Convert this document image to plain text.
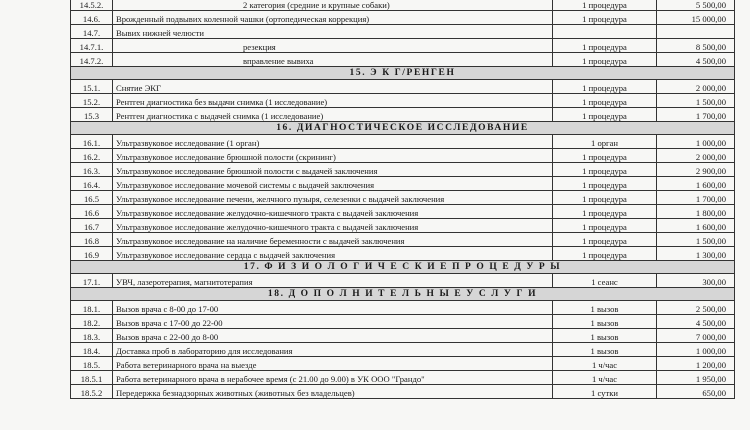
14.5.2.	2 категория (средние и крупные собаки)	1 процедура	5 500,00
14.6.	Врожденный подвывих коленной чашки (ортопедическая коррекция)	1 процедура	15 000,00
14.7.	Вывих нижней челюсти		
14.7.1.	резекция	1 процедура	8 500,00
14.7.2.	вправление вывиха	1 процедура	4 500,00
15. Э К Г/РЕНГЕН			
15.1.	Снятие ЭКГ	1 процедура	2 000,00
15.2.	Рентген диагностика без выдачи снимка (1 исследование)	1 процедура	1 500,00
15.3	Рентген диагностика с выдачей снимка (1 исследование)	1 процедура	1 700,00
16. ДИАГНОСТИЧЕСКОЕ ИССЛЕДОВАНИЕ			
16.1.	Ультразвуковое исследование (1 орган)	1 орган	1 000,00
16.2.	Ультразвуковое исследование брюшной полости (скрининг)	1 процедура	2 000,00
16.3.	Ультразвуковое исследование брюшной полости с выдачей заключения	1 процедура	2 900,00
16.4.	Ультразвуковое исследование мочевой системы с выдачей заключения	1 процедура	1 600,00
16.5	Ультразвуковое исследование печени, желчного пузыря, селезенки с выдачей заключения	1 процедура	1 700,00
16.6	Ультразвуковое исследование желудочно-кишечного тракта с выдачей заключения	1 процедура	1 800,00
16.7	Ультразвуковое исследование желудочно-кишечного тракта с выдачей заключения	1 процедура	1 600,00
16.8	Ультразвуковое исследование на наличие беременности с выдачей заключения	1 процедура	1 500,00
16.9	Ультразвуковое исследование сердца с выдачей заключения	1 процедура	1 300,00
17. Ф И З И О Л О Г И Ч Е С К И Е П Р О Ц Е Д У Р Ы			
17.1.	УВЧ, лазеротерапия, магнитотерапия	1 сеанс	300,00
18. Д О П О Л Н И Т Е Л Ь Н Ы Е У С Л У Г И			
18.1.	Вызов врача с 8-00 до 17-00	1 вызов	2 500,00
18.2.	Вызов врача с 17-00 до 22-00	1 вызов	4 500,00
18.3.	Вызов врача с 22-00 до 8-00	1 вызов	7 000,00
18.4.	Доставка проб в лабораторию для исследования	1 вызов	1 000,00
18.5.	Работа ветеринарного врача на выезде	1 ч/час	1 200,00
18.5.1	Работа ветеринарного врача в нерабочее время (с 21.00 до 9.00) в УК ООО "Грандо"	1 ч/час	1 950,00
18.5.2	Передержка безнадзорных животных (животных без владельцев)	1 сутки	650,00
